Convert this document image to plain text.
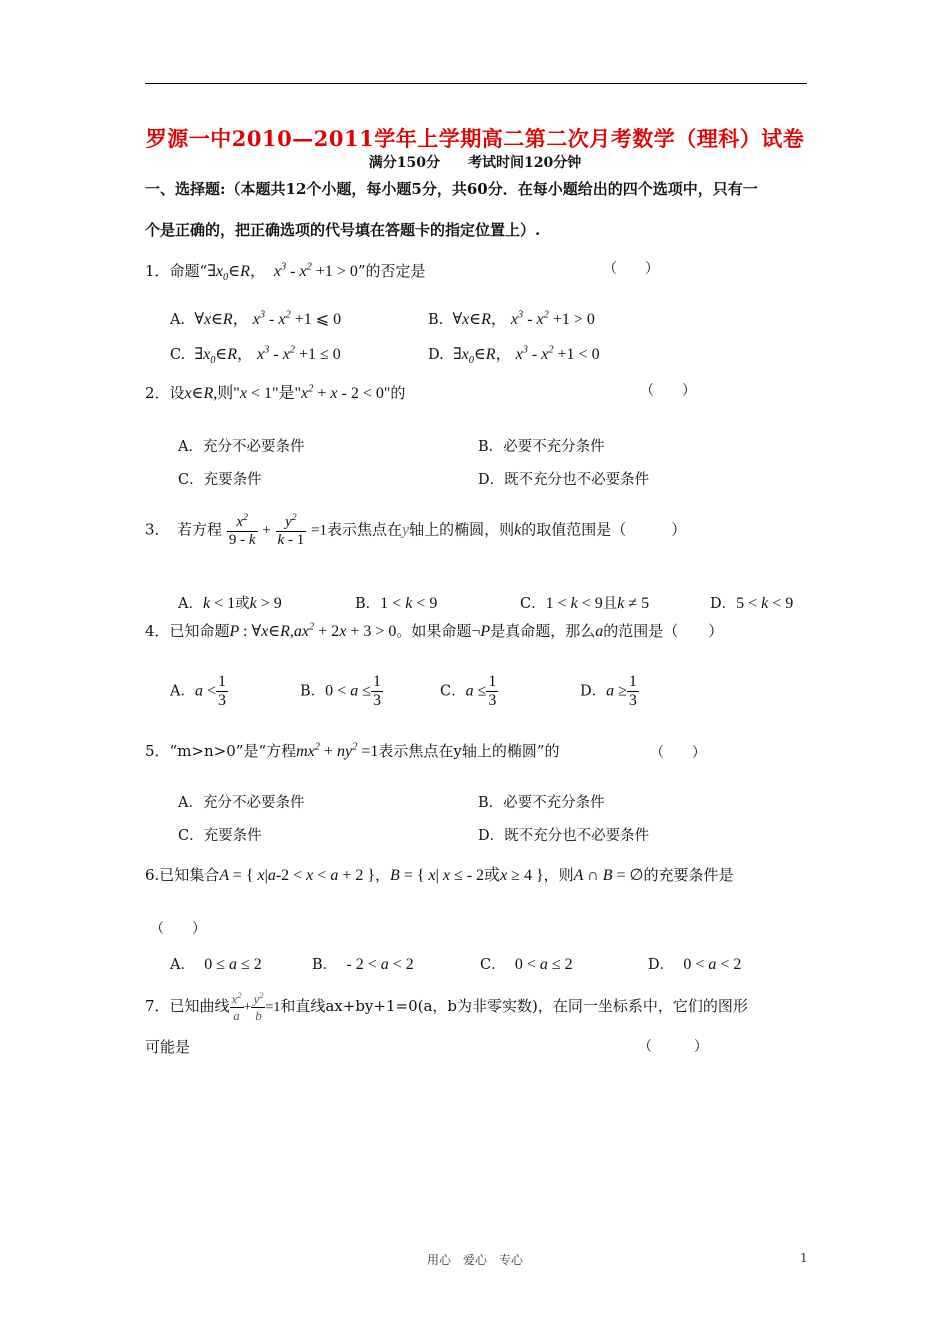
罗源一中2010—2011学年上学期高二第二次月考数学（理科）试卷
满分150分　　考试时间120分钟
一、选择题:（本题共12个小题，每小题5分，共60分．在每小题给出的四个选项中，只有一
个是正确的，把正确选项的代号填在答题卡的指定位置上）.
1．命题“$\exists x_0\in R$，  $x^3 - x^2 +1 > 0$”的否定是	（　　）
A. ∀x∈R， $x^3 - x^2 +1$ ⩽ 0	B. ∀x∈R， $x^3 - x^2 +1 > 0$
C. $\exists x_0\in R$， $x^3 - x^2 +1 \le 0$	D. $\exists x_0\in R$， $x^3 - x^2 +1 < 0$
2．设x∈R,则"x < 1"是"$x^2 + x - 2 < 0$"的	（　　）
A．充分不必要条件	B．必要不充分条件
C．充要条件	D．既不充分也不必要条件
3．　若方程 $\frac{x^2}{9 - k} + \frac{y^2}{k - 1} =1$表示焦点在y轴上的椭圆，则k的取值范围是（　　　）
A．k < 1或k > 9	B．1 < k < 9	C．1 < k < 9且k ≠ 5	D．5 < k < 9
4．已知命题P : $\forall x\in R,ax^2 + 2x + 3 > 0$。如果命题¬P是真命题，那么a的范围是（　　）
A．$a < \frac{1}{3}$	B．$0 < a \le \frac{1}{3}$	C．$a \le \frac{1}{3}$	D．$a \ge \frac{1}{3}$
5．“m>n>0”是“方程$mx^2 + ny^2 =1$表示焦点在y轴上的椭圆”的	（　　）
A．充分不必要条件	B．必要不充分条件
C．充要条件	D．既不充分也不必要条件
6.已知集合A = { x|a-2 < x < a + 2 }，B = { x| x ≤ - 2或x ≥ 4 }，则A ∩ B = ∅的充要条件是
（　　）
A． 0 ≤ a ≤ 2	B． - 2 < a < 2	C． 0 < a ≤ 2	D． 0 < a < 2
7．已知曲线 $\frac{x^2}{a} + \frac{y^2}{b} =1$和直线ax+by+1=0(a，b为非零实数)，在同一坐标系中，它们的图形
可能是	（　　　）
用心　爱心　专心	1
